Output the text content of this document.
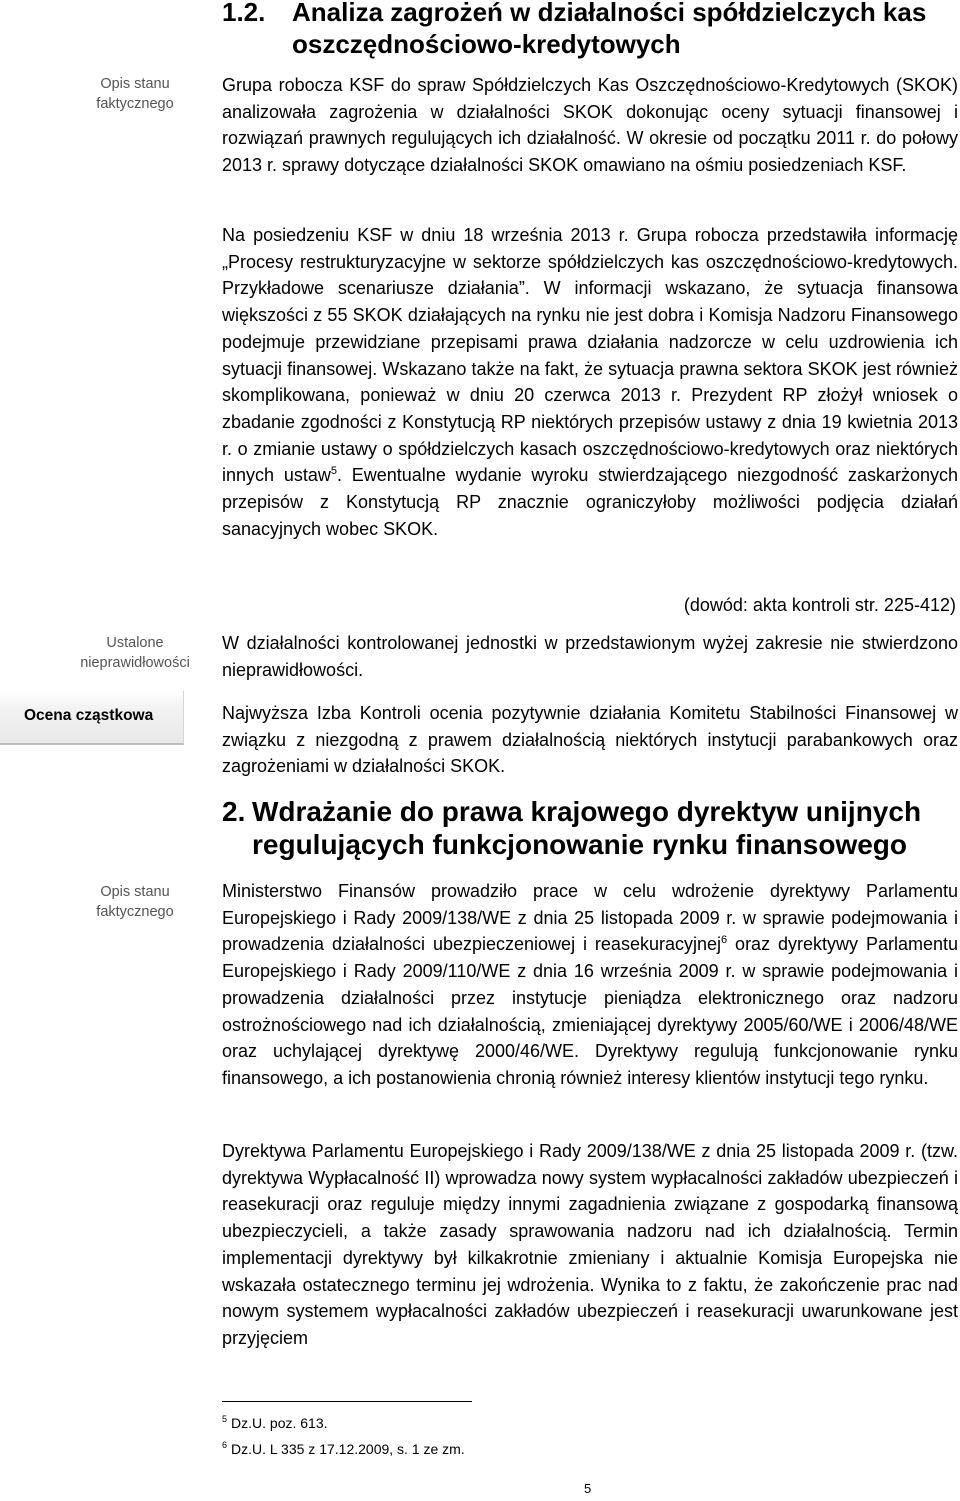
Opis stanu
faktycznego

Ustalone
nieprawidłowości

Ocena cząstkowa

Opis stanu
faktycznego

1.2. Analiza zagrożeń w działalności spółdzielczych kas
oszczędnościowo-kredytowych

Grupa robocza KSF do spraw Spółdzielczych Kas Oszczędnościowo-Kredytowych (SKOK) analizowała zagrożenia w działalności SKOK dokonując oceny sytuacji finansowej i rozwiązań prawnych regulujących ich działalność. W okresie od początku 2011 r. do połowy 2013 r. sprawy dotyczące działalności SKOK omawiano na ośmiu posiedzeniach KSF.

Na posiedzeniu KSF w dniu 18 września 2013 r. Grupa robocza przedstawiła informację „Procesy restrukturyzacyjne w sektorze spółdzielczych kas oszczędnościowo-kredytowych. Przykładowe scenariusze działania”. W informacji wskazano, że sytuacja finansowa większości z 55 SKOK działających na rynku nie jest dobra i Komisja Nadzoru Finansowego podejmuje przewidziane przepisami prawa działania nadzorcze w celu uzdrowienia ich sytuacji finansowej. Wskazano także na fakt, że sytuacja prawna sektora SKOK jest również skomplikowana, ponieważ w dniu 20 czerwca 2013 r. Prezydent RP złożył wniosek o zbadanie zgodności z Konstytucją RP niektórych przepisów ustawy z dnia 19 kwietnia 2013 r. o zmianie ustawy o spółdzielczych kasach oszczędnościowo-kredytowych oraz niektórych innych ustaw$^5$. Ewentualne wydanie wyroku stwierdzającego niezgodność zaskarżonych przepisów z Konstytucją RP znacznie ograniczyłoby możliwości podjęcia działań sanacyjnych wobec SKOK.

(dowód: akta kontroli str. 225-412)

W działalności kontrolowanej jednostki w przedstawionym wyżej zakresie nie stwierdzono nieprawidłowości.

Najwyższa Izba Kontroli ocenia pozytywnie działania Komitetu Stabilności Finansowej w związku z niezgodną z prawem działalnością niektórych instytucji parabankowych oraz zagrożeniami w działalności SKOK.

2. Wdrażanie do prawa krajowego dyrektyw unijnych
regulujących funkcjonowanie rynku finansowego

Ministerstwo Finansów prowadziło prace w celu wdrożenie dyrektywy Parlamentu Europejskiego i Rady 2009/138/WE z dnia 25 listopada 2009 r. w sprawie podejmowania i prowadzenia działalności ubezpieczeniowej i reasekuracyjnej$^6$ oraz dyrektywy Parlamentu Europejskiego i Rady 2009/110/WE z dnia 16 września 2009 r. w sprawie podejmowania i prowadzenia działalności przez instytucje pieniądza elektronicznego oraz nadzoru ostrożnościowego nad ich działalnością, zmieniającej dyrektywy 2005/60/WE i 2006/48/WE oraz uchylającej dyrektywę 2000/46/WE. Dyrektywy regulują funkcjonowanie rynku finansowego, a ich postanowienia chronią również interesy klientów instytucji tego rynku.

Dyrektywa Parlamentu Europejskiego i Rady 2009/138/WE z dnia 25 listopada 2009 r. (tzw. dyrektywa Wypłacalność II) wprowadza nowy system wypłacalności zakładów ubezpieczeń i reasekuracji oraz reguluje między innymi zagadnienia związane z gospodarką finansową ubezpieczycieli, a także zasady sprawowania nadzoru nad ich działalnością. Termin implementacji dyrektywy był kilkakrotnie zmieniany i aktualnie Komisja Europejska nie wskazała ostatecznego terminu jej wdrożenia. Wynika to z faktu, że zakończenie prac nad nowym systemem wypłacalności zakładów ubezpieczeń i reasekuracji uwarunkowane jest przyjęciem

$^5$ Dz.U. poz. 613.

$^6$ Dz.U. L 335 z 17.12.2009, s. 1 ze zm.

5
